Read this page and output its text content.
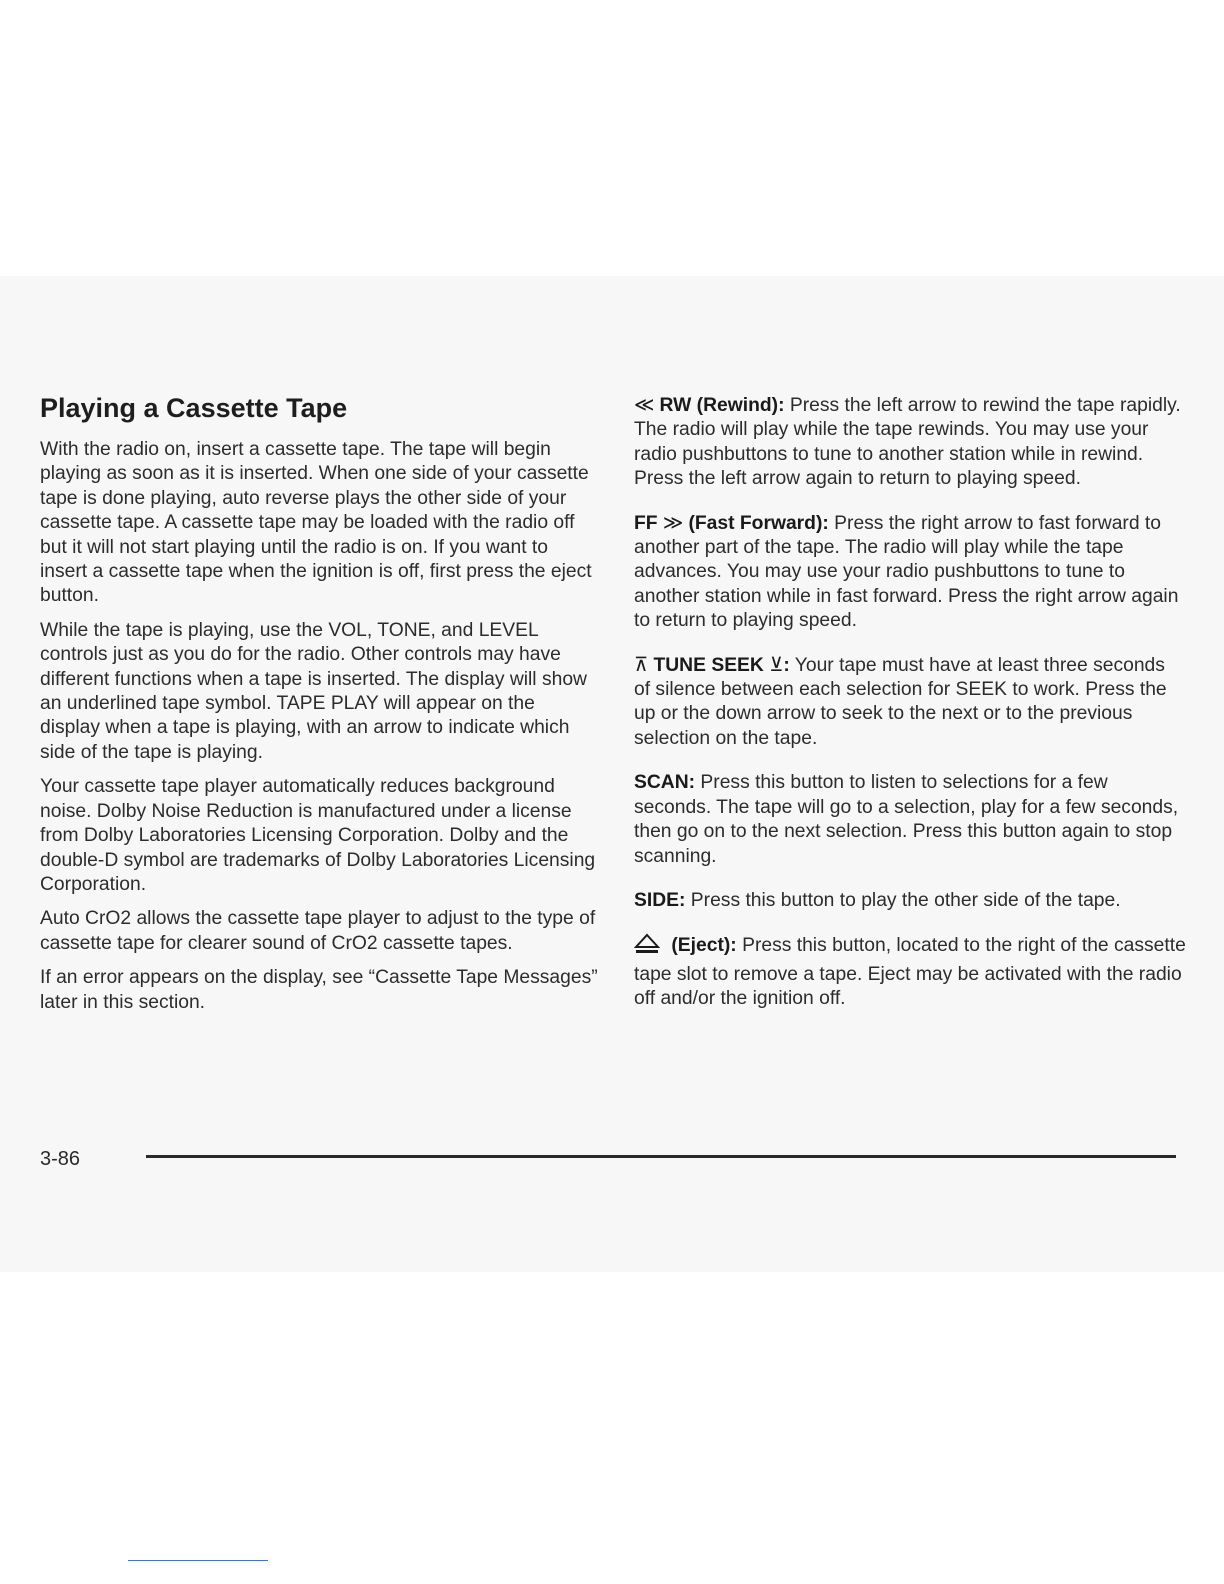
Playing a Cassette Tape

With the radio on, insert a cassette tape. The tape will begin playing as soon as it is inserted. When one side of your cassette tape is done playing, auto reverse plays the other side of your cassette tape. A cassette tape may be loaded with the radio off but it will not start playing until the radio is on. If you want to insert a cassette tape when the ignition is off, first press the eject button.

While the tape is playing, use the VOL, TONE, and LEVEL controls just as you do for the radio. Other controls may have different functions when a tape is inserted. The display will show an underlined tape symbol. TAPE PLAY will appear on the display when a tape is playing, with an arrow to indicate which side of the tape is playing.

Your cassette tape player automatically reduces background noise. Dolby Noise Reduction is manufactured under a license from Dolby Laboratories Licensing Corporation. Dolby and the double-D symbol are trademarks of Dolby Laboratories Licensing Corporation.

Auto CrO2 allows the cassette tape player to adjust to the type of cassette tape for clearer sound of CrO2 cassette tapes.

If an error appears on the display, see “Cassette Tape Messages” later in this section.

≪ RW (Rewind): Press the left arrow to rewind the tape rapidly. The radio will play while the tape rewinds. You may use your radio pushbuttons to tune to another station while in rewind. Press the left arrow again to return to playing speed.

FF ≫ (Fast Forward): Press the right arrow to fast forward to another part of the tape. The radio will play while the tape advances. You may use your radio pushbuttons to tune to another station while in fast forward. Press the right arrow again to return to playing speed.

⊼ TUNE SEEK ⊻: Your tape must have at least three seconds of silence between each selection for SEEK to work. Press the up or the down arrow to seek to the next or to the previous selection on the tape.

SCAN: Press this button to listen to selections for a few seconds. The tape will go to a selection, play for a few seconds, then go on to the next selection. Press this button again to stop scanning.

SIDE: Press this button to play the other side of the tape.

(Eject): Press this button, located to the right of the cassette tape slot to remove a tape. Eject may be activated with the radio off and/or the ignition off.

3-86
